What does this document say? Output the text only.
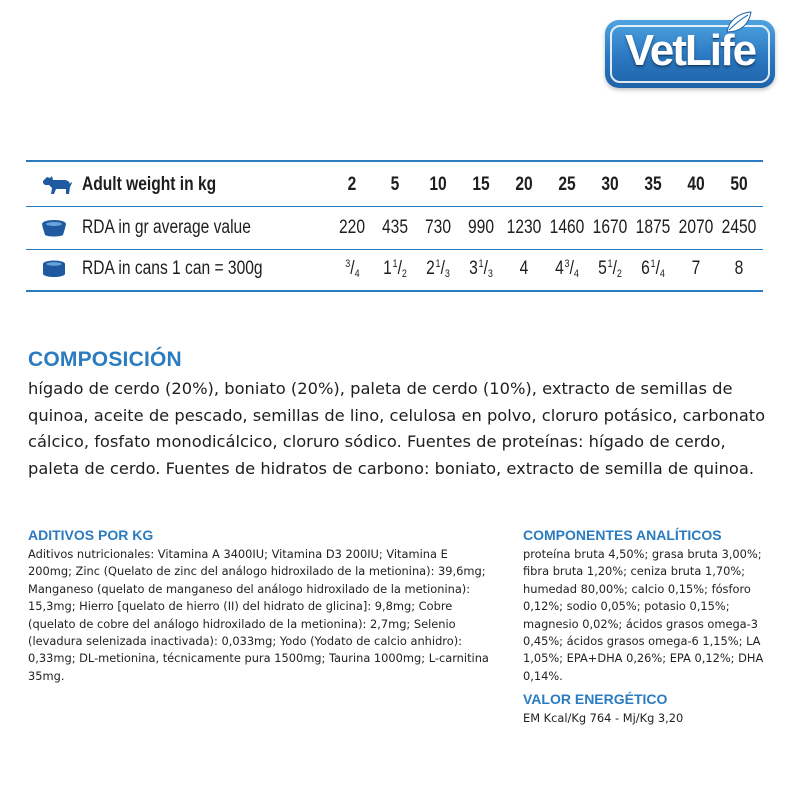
VetLife
Adult weight in kg	2 5 10 15 20 25 30 35 40 50
RDA in gr average value	220 435 730 990 1230 1460 1670 1875 2070 2450
RDA in cans 1 can = 300g	$^3/_4$ $1^1/_2$ $2^1/_3$ $3^1/_3$ 4 $4^3/_4$ $5^1/_2$ $6^1/_4$ 7 8
COMPOSICIÓN
hígado de cerdo (20%), boniato (20%), paleta de cerdo (10%), extracto de semillas de quinoa, aceite de pescado, semillas de lino, celulosa en polvo, cloruro potásico, carbonato cálcico, fosfato monodicálcico, cloruro sódico. Fuentes de proteínas: hígado de cerdo, paleta de cerdo. Fuentes de hidratos de carbono: boniato, extracto de semilla de quinoa.
ADITIVOS POR KG
Aditivos nutricionales: Vitamina A 3400IU; Vitamina D3 200IU; Vitamina E 200mg; Zinc (Quelato de zinc del análogo hidroxilado de la metionina): 39,6mg; Manganeso (quelato de manganeso del análogo hidroxilado de la metionina): 15,3mg; Hierro [quelato de hierro (II) del hidrato de glicina]: 9,8mg; Cobre (quelato de cobre del análogo hidroxilado de la metionina): 2,7mg; Selenio (levadura selenizada inactivada): 0,033mg; Yodo (Yodato de calcio anhidro): 0,33mg; DL-metionina, técnicamente pura 1500mg; Taurina 1000mg; L-carnitina 35mg.
COMPONENTES ANALÍTICOS
proteína bruta 4,50%; grasa bruta 3,00%; fibra bruta 1,20%; ceniza bruta 1,70%; humedad 80,00%; calcio 0,15%; fósforo 0,12%; sodio 0,05%; potasio 0,15%; magnesio 0,02%; ácidos grasos omega-3 0,45%; ácidos grasos omega-6 1,15%; LA 1,05%; EPA+DHA 0,26%; EPA 0,12%; DHA 0,14%.
VALOR ENERGÉTICO
EM Kcal/Kg 764 - Mj/Kg 3,20
